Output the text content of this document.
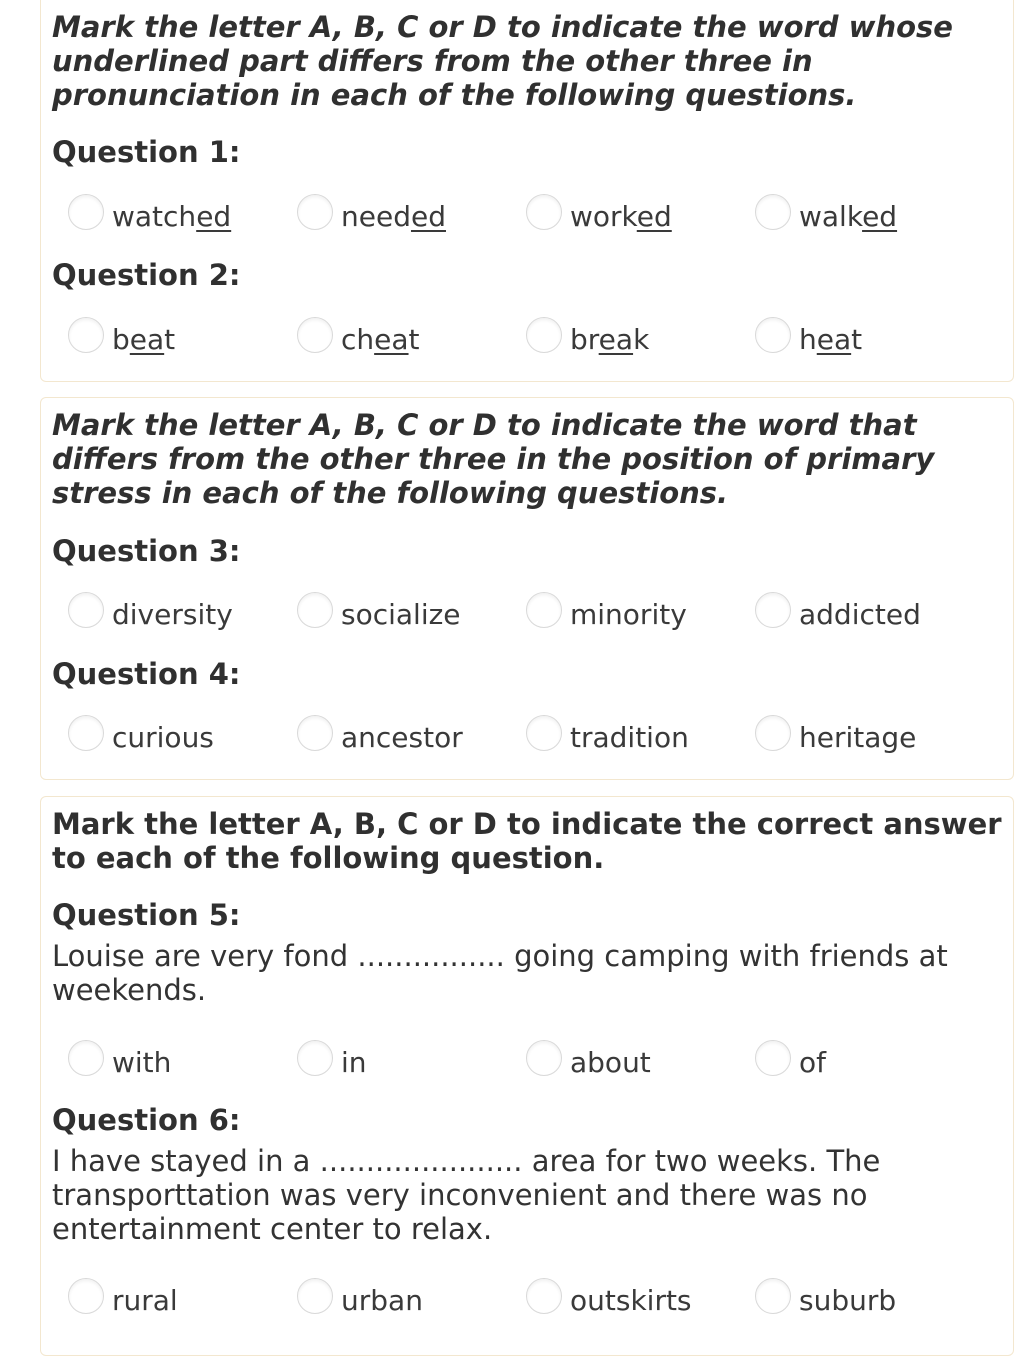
Mark the letter A, B, C or D to indicate the word whose underlined part differs from the other three in pronunciation in each of the following questions.

Question 1:
watched	needed	worked	walked
Question 2:
beat	cheat	break	heat

Mark the letter A, B, C or D to indicate the word that differs from the other three in the position of primary stress in each of the following questions.

Question 3:
diversity	socialize	minority	addicted
Question 4:
curious	ancestor	tradition	heritage

Mark the letter A, B, C or D to indicate the correct answer to each of the following question.

Question 5:
Louise are very fond ................ going camping with friends at weekends.
with	in	about	of
Question 6:
I have stayed in a ...................... area for two weeks. The transporttation was very inconvenient and there was no entertainment center to relax.
rural	urban	outskirts	suburb
